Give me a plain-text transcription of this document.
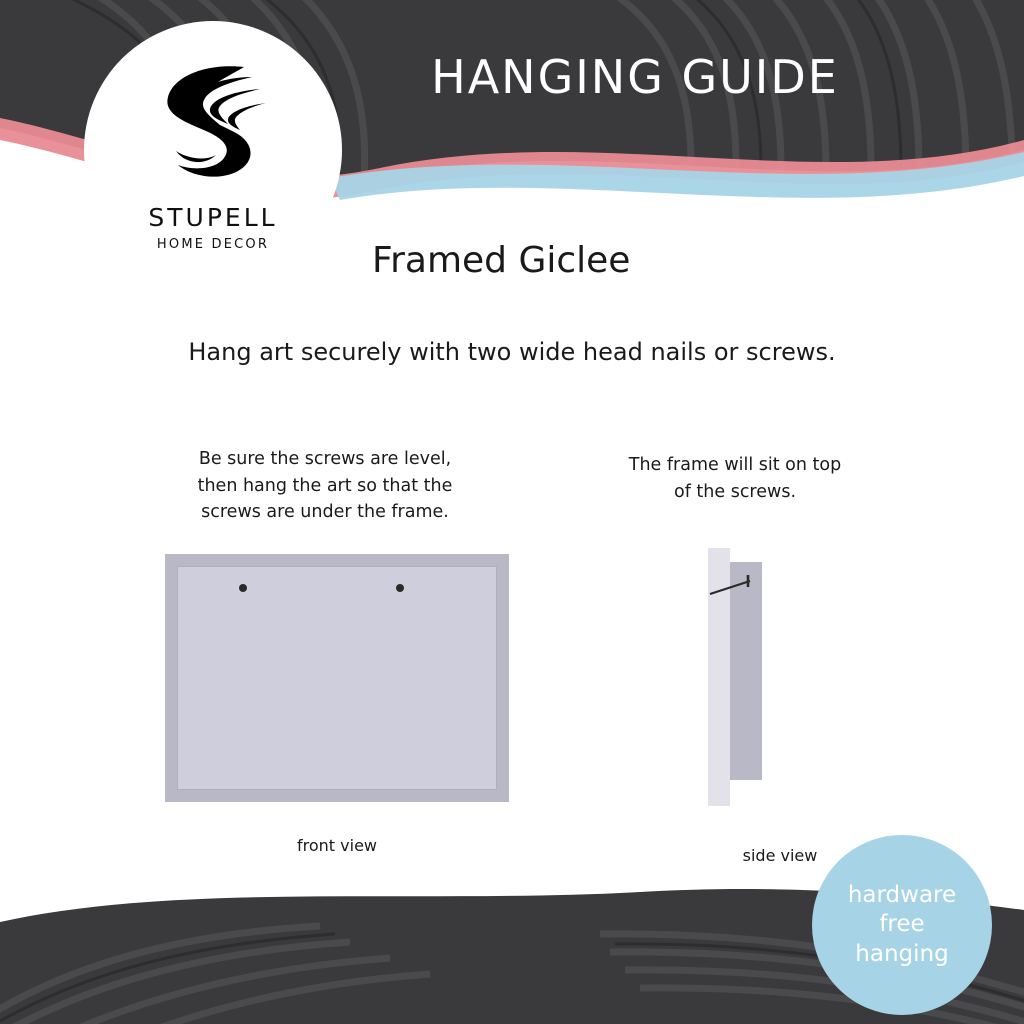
HANGING GUIDE
STUPELL
HOME DECOR	Framed Giclee
Hang art securely with two wide head nails or screws.
Be sure the screws are level,
then hang the art so that the
screws are under the frame.
front view
The frame will sit on top
of the screws.
side view
hardware
free
hanging
